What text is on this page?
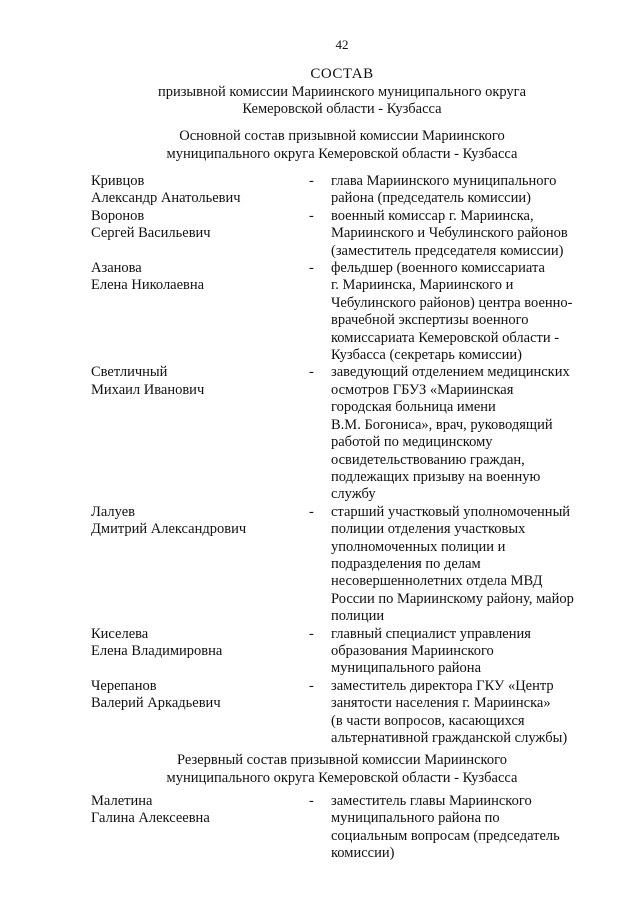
42
СОСТАВ
призывной комиссии Мариинского муниципального округа
Кемеровской области - Кузбасса
Основной состав призывной комиссии Мариинского
муниципального округа Кемеровской области - Кузбасса
Кривцов
Александр Анатольевич
-	глава Мариинского муниципального
района (председатель комиссии)
Воронов
Сергей Васильевич
-	военный комиссар г. Мариинска,
Мариинского и Чебулинского районов
(заместитель председателя комиссии)
Азанова
Елена Николаевна
-	фельдшер (военного комиссариата
г. Мариинска, Мариинского и
Чебулинского районов) центра военно-
врачебной экспертизы военного
комиссариата Кемеровской области -
Кузбасса (секретарь комиссии)
Светличный
Михаил Иванович
-	заведующий отделением медицинских
осмотров ГБУЗ «Мариинская
городская больница имени
В.М. Богониса», врач, руководящий
работой по медицинскому
освидетельствованию граждан,
подлежащих призыву на военную
службу
Лалуев
Дмитрий Александрович
-	старший участковый уполномоченный
полиции отделения участковых
уполномоченных полиции и
подразделения по делам
несовершеннолетних отдела МВД
России по Мариинскому району, майор
полиции
Киселева
Елена Владимировна
-	главный специалист управления
образования Мариинского
муниципального района
Черепанов
Валерий Аркадьевич
-	заместитель директора ГКУ «Центр
занятости населения г. Мариинска»
(в части вопросов, касающихся
альтернативной гражданской службы)
Резервный состав призывной комиссии Мариинского
муниципального округа Кемеровской области - Кузбасса
Малетина
Галина Алексеевна
-	заместитель главы Мариинского
муниципального района по
социальным вопросам (председатель
комиссии)
